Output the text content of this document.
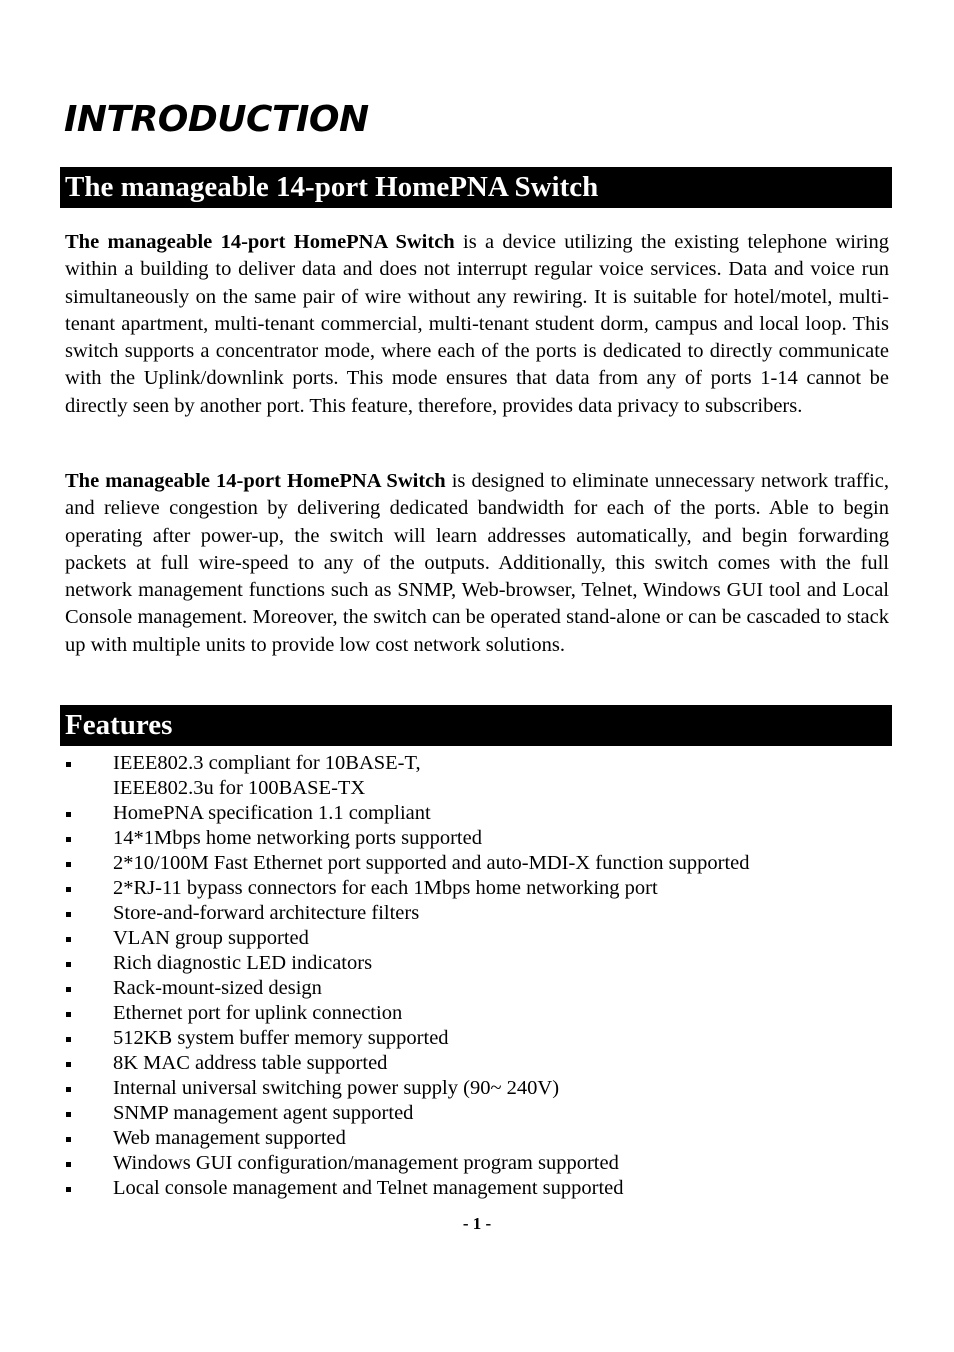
INTRODUCTION
The manageable 14-port HomePNA Switch

The manageable 14-port HomePNA Switch is a device utilizing the existing telephone wiring within a building to deliver data and does not interrupt regular voice services. Data and voice run simultaneously on the same pair of wire without any rewiring. It is suitable for hotel/motel, multi-tenant apartment, multi-tenant commercial, multi-tenant student dorm, campus and local loop. This switch supports a concentrator mode, where each of the ports is dedicated to directly communicate with the Uplink/downlink ports. This mode ensures that data from any of ports 1-14 cannot be directly seen by another port. This feature, therefore, provides data privacy to subscribers.

The manageable 14-port HomePNA Switch is designed to eliminate unnecessary network traffic, and relieve congestion by delivering dedicated bandwidth for each of the ports. Able to begin operating after power-up, the switch will learn addresses automatically, and begin forwarding packets at full wire-speed to any of the outputs. Additionally, this switch comes with the full network management functions such as SNMP, Web-browser, Telnet, Windows GUI tool and Local Console management. Moreover, the switch can be operated stand-alone or can be cascaded to stack up with multiple units to provide low cost network solutions.

Features
IEEE802.3 compliant for 10BASE-T,
IEEE802.3u for 100BASE-TX
HomePNA specification 1.1 compliant
14*1Mbps home networking ports supported
2*10/100M Fast Ethernet port supported and auto-MDI-X function supported
2*RJ-11 bypass connectors for each 1Mbps home networking port
Store-and-forward architecture filters
VLAN group supported
Rich diagnostic LED indicators
Rack-mount-sized design
Ethernet port for uplink connection
512KB system buffer memory supported
8K MAC address table supported
Internal universal switching power supply (90~ 240V)
SNMP management agent supported
Web management supported
Windows GUI configuration/management program supported
Local console management and Telnet management supported
- 1 -
